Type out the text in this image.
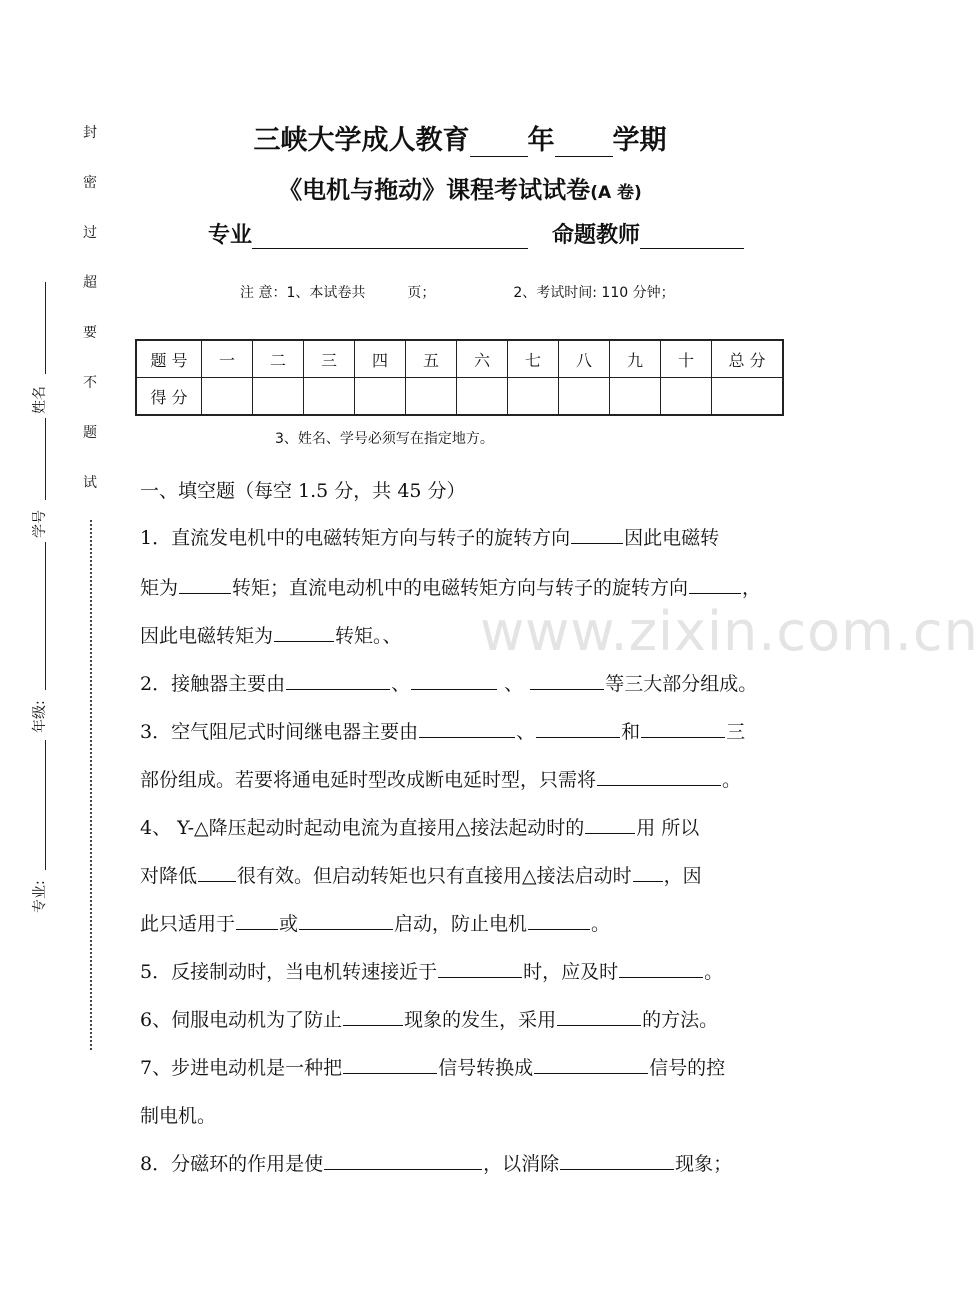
www.zixin.com.cn
封
密
过
超
要
不
题
试
姓名
学号
年级:
专业:
三峡大学成人教育 年 学期
《电机与拖动》课程考试试卷(A 卷)
专业	命题教师
注 意：1、本试卷共	页；	2、考试时间: 110 分钟；
题 号	一	二	三	四	五	六	七	八	九	十	总 分
得 分											
3、姓名、学号必须写在指定地方。
一、填空题（每空 1.5 分，共 45 分）
1．直流发电机中的电磁转矩方向与转子的旋转方向	因此电磁转
矩为	转矩；直流电动机中的电磁转矩方向与转子的旋转方向	，
因此电磁转矩为	转矩。、
2．接触器主要由	、	、	等三大部分组成。
3．空气阻尼式时间继电器主要由	、	和	三
部份组成。若要将通电延时型改成断电延时型，只需将	。
4、 Y-△降压起动时起动电流为直接用△接法起动时的	用 所以
对降低 很有效。但启动转矩也只有直接用△接法启动时 ，因
此只适用于 或	启动，防止电机	。
5．反接制动时，当电机转速接近于	时，应及时	。
6、伺服电动机为了防止	现象的发生，采用	的方法。
7、步进电动机是一种把	信号转换成	信号的控
制电机。
8．分磁环的作用是使	，以消除	现象；
